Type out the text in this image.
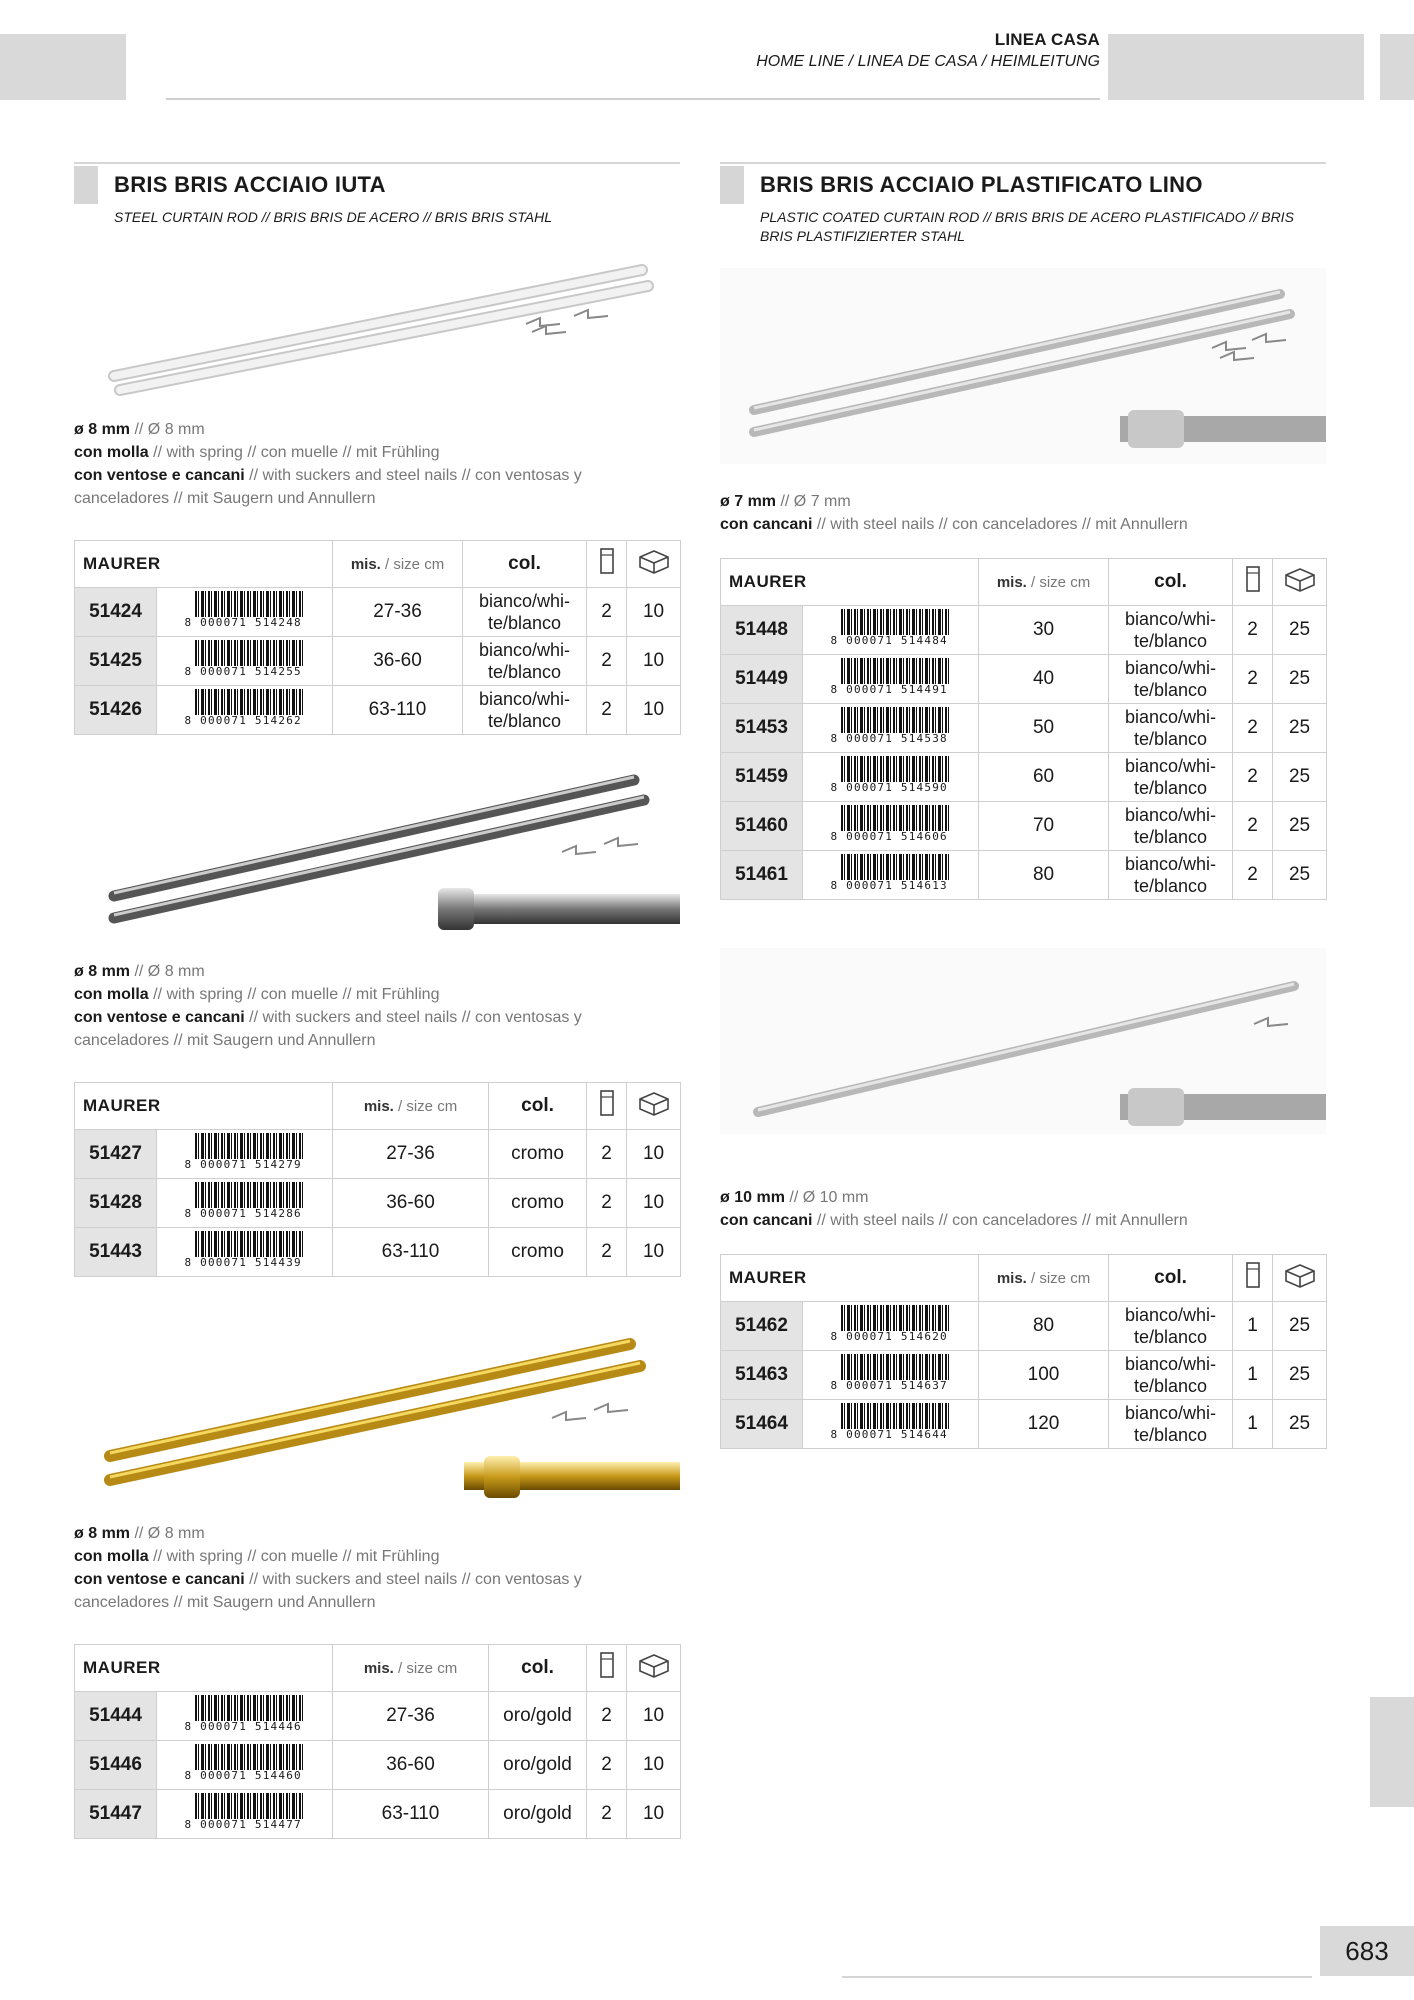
LINEA CASA
HOME LINE / LINEA DE CASA / HEIMLEITUNG
683
BRIS BRIS ACCIAIO IUTA
STEEL CURTAIN ROD // BRIS BRIS DE ACERO // BRIS BRIS STAHL
ø 8 mm // Ø 8 mm
con molla // with spring // con muelle // mit Frühling
con ventose e cancani // with suckers and steel nails // con ventosas y canceladores // mit Saugern und Annullern
MAURER		mis. / size cm	col.		
51424	8 000071 514248	27-36	bianco/whi-te/blanco	2	10
51425	8 000071 514255	36-60	bianco/whi-te/blanco	2	10
51426	8 000071 514262	63-110	bianco/whi-te/blanco	2	10
ø 8 mm // Ø 8 mm
con molla // with spring // con muelle // mit Frühling
con ventose e cancani // with suckers and steel nails // con ventosas y canceladores // mit Saugern und Annullern
MAURER		mis. / size cm	col.		
51427	8 000071 514279	27-36	cromo	2	10
51428	8 000071 514286	36-60	cromo	2	10
51443	8 000071 514439	63-110	cromo	2	10
ø 8 mm // Ø 8 mm
con molla // with spring // con muelle // mit Frühling
con ventose e cancani // with suckers and steel nails // con ventosas y canceladores // mit Saugern und Annullern
MAURER		mis. / size cm	col.		
51444	8 000071 514446	27-36	oro/gold	2	10
51446	8 000071 514460	36-60	oro/gold	2	10
51447	8 000071 514477	63-110	oro/gold	2	10
BRIS BRIS ACCIAIO PLASTIFICATO LINO
PLASTIC COATED CURTAIN ROD // BRIS BRIS DE ACERO PLASTIFICADO // BRIS BRIS PLASTIFIZIERTER STAHL
ø 7 mm // Ø 7 mm
con cancani // with steel nails // con canceladores // mit Annullern
MAURER		mis. / size cm	col.		
51448	8 000071 514484	30	bianco/whi-te/blanco	2	25
51449	8 000071 514491	40	bianco/whi-te/blanco	2	25
51453	8 000071 514538	50	bianco/whi-te/blanco	2	25
51459	8 000071 514590	60	bianco/whi-te/blanco	2	25
51460	8 000071 514606	70	bianco/whi-te/blanco	2	25
51461	8 000071 514613	80	bianco/whi-te/blanco	2	25
ø 10 mm // Ø 10 mm
con cancani // with steel nails // con canceladores // mit Annullern
MAURER		mis. / size cm	col.		
51462	8 000071 514620	80	bianco/whi-te/blanco	1	25
51463	8 000071 514637	100	bianco/whi-te/blanco	1	25
51464	8 000071 514644	120	bianco/whi-te/blanco	1	25
